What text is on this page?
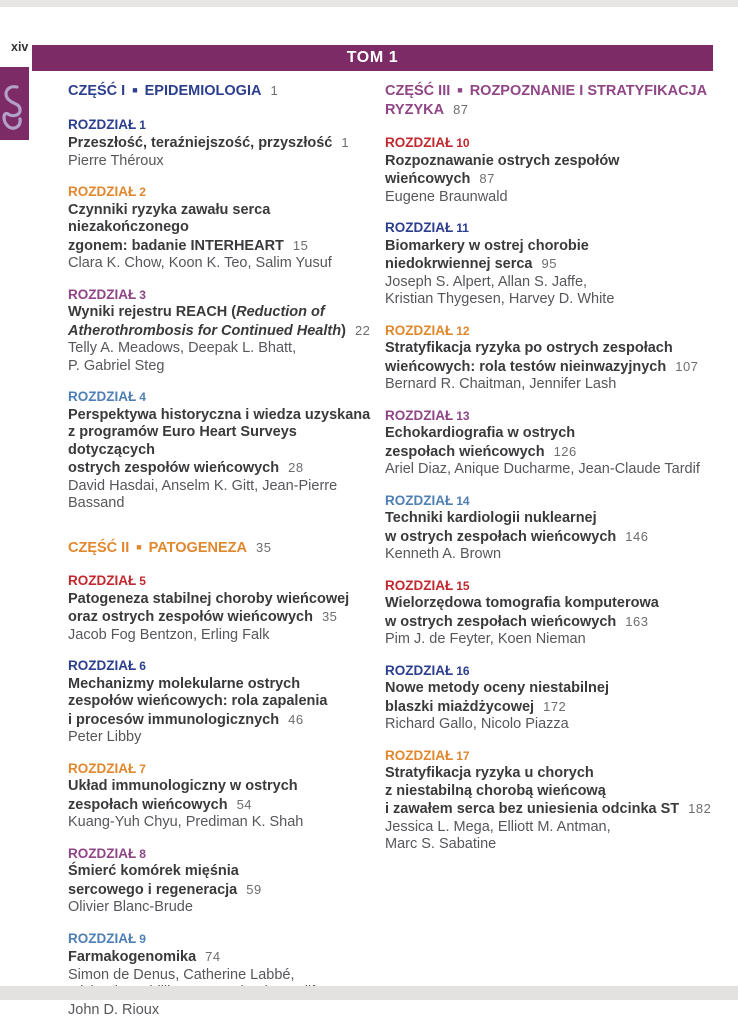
xiv
TOM 1
CZĘŚĆ I ■ EPIDEMIOLOGIA 1
ROZDZIAŁ 1
Przeszłość, teraźniejszość, przyszłość 1
Pierre Théroux
ROZDZIAŁ 2
Czynniki ryzyka zawału serca niezakończonego
zgonem: badanie INTERHEART 15
Clara K. Chow, Koon K. Teo, Salim Yusuf
ROZDZIAŁ 3
Wyniki rejestru REACH (Reduction of
Atherothrombosis for Continued Health) 22
Telly A. Meadows, Deepak L. Bhatt,
P. Gabriel Steg
ROZDZIAŁ 4
Perspektywa historyczna i wiedza uzyskana
z programów Euro Heart Surveys dotyczących
ostrych zespołów wieńcowych 28
David Hasdai, Anselm K. Gitt, Jean-Pierre Bassand
CZĘŚĆ II ■ PATOGENEZA 35
ROZDZIAŁ 5
Patogeneza stabilnej choroby wieńcowej
oraz ostrych zespołów wieńcowych 35
Jacob Fog Bentzon, Erling Falk
ROZDZIAŁ 6
Mechanizmy molekularne ostrych
zespołów wieńcowych: rola zapalenia
i procesów immunologicznych 46
Peter Libby
ROZDZIAŁ 7
Układ immunologiczny w ostrych
zespołach wieńcowych 54
Kuang-Yuh Chyu, Prediman K. Shah
ROZDZIAŁ 8
Śmierć komórek mięśnia
sercowego i regeneracja 59
Olivier Blanc-Brude
ROZDZIAŁ 9
Farmakogenomika 74
Simon de Denus, Catherine Labbé,
John D. Rioux
CZĘŚĆ III ■ ROZPOZNANIE I STRATYFIKACJA
RYZYKA 87
ROZDZIAŁ 10
Rozpoznawanie ostrych zespołów
wieńcowych 87
Eugene Braunwald
ROZDZIAŁ 11
Biomarkery w ostrej chorobie
niedokrwiennej serca 95
Joseph S. Alpert, Allan S. Jaffe,
Kristian Thygesen, Harvey D. White
ROZDZIAŁ 12
Stratyfikacja ryzyka po ostrych zespołach
wieńcowych: rola testów nieinwazyjnych 107
Bernard R. Chaitman, Jennifer Lash
ROZDZIAŁ 13
Echokardiografia w ostrych
zespołach wieńcowych 126
Ariel Diaz, Anique Ducharme, Jean-Claude Tardif
ROZDZIAŁ 14
Techniki kardiologii nuklearnej
w ostrych zespołach wieńcowych 146
Kenneth A. Brown
ROZDZIAŁ 15
Wielorzędowa tomografia komputerowa
w ostrych zespołach wieńcowych 163
Pim J. de Feyter, Koen Nieman
ROZDZIAŁ 16
Nowe metody oceny niestabilnej
blaszki miażdżycowej 172
Richard Gallo, Nicolo Piazza
ROZDZIAŁ 17
Stratyfikacja ryzyka u chorych
z niestabilną chorobą wieńcową
i zawałem serca bez uniesienia odcinka ST 182
Jessica L. Mega, Elliott M. Antman,
Marc S. Sabatine
